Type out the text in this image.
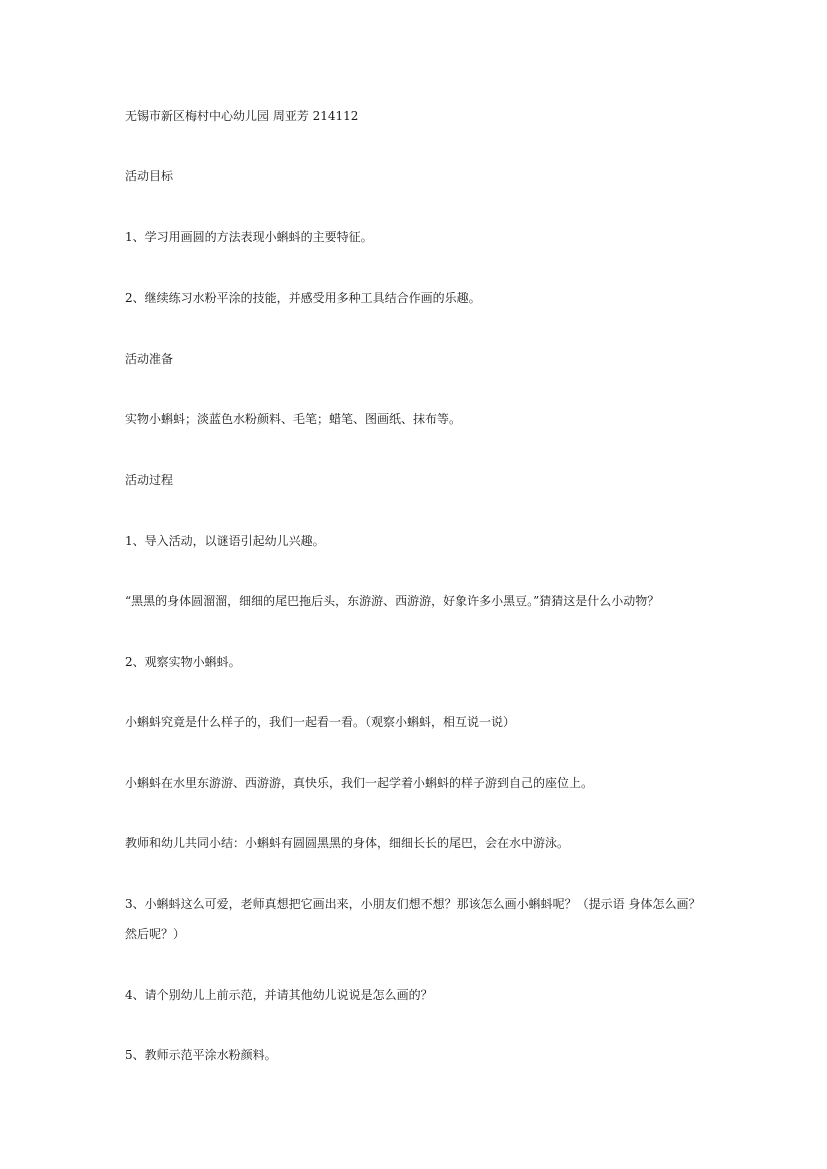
无锡市新区梅村中心幼儿园 周亚芳 214112
活动目标
1、学习用画圆的方法表现小蝌蚪的主要特征。
2、继续练习水粉平涂的技能，并感受用多种工具结合作画的乐趣。
活动准备
实物小蝌蚪；淡蓝色水粉颜料、毛笔；蜡笔、图画纸、抹布等。
活动过程
1、导入活动，以谜语引起幼儿兴趣。
“黑黑的身体圆溜溜，细细的尾巴拖后头，东游游、西游游，好象许多小黑豆。”猜猜这是什么小动物？
2、观察实物小蝌蚪。
小蝌蚪究竟是什么样子的，我们一起看一看。（观察小蝌蚪，相互说一说）
小蝌蚪在水里东游游、西游游，真快乐，我们一起学着小蝌蚪的样子游到自己的座位上。
教师和幼儿共同小结：小蝌蚪有圆圆黑黑的身体，细细长长的尾巴，会在水中游泳。
3、小蝌蚪这么可爱，老师真想把它画出来，小朋友们想不想？那该怎么画小蝌蚪呢？（提示语 身体怎么画？然后呢？）
4、请个别幼儿上前示范，并请其他幼儿说说是怎么画的？
5、教师示范平涂水粉颜料。
